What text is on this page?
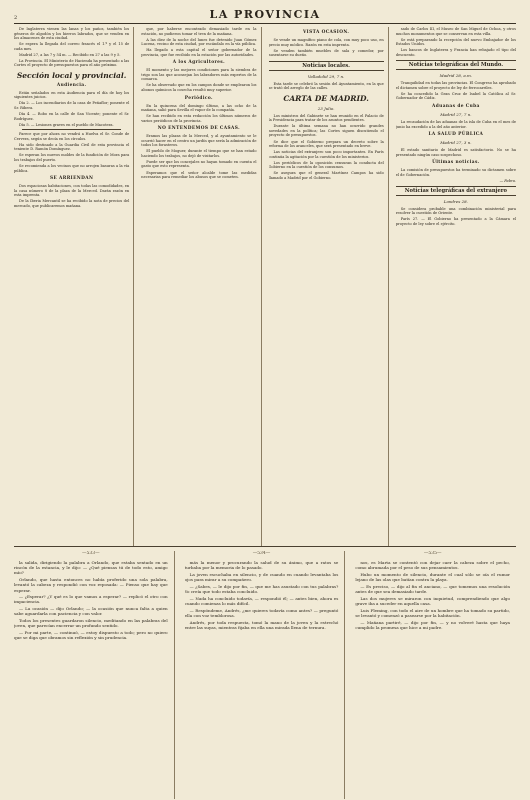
2	LA PROVINCIA

De Inglaterra vienen las lanas y los paños, también los géneros de algodón y los hierros labrados, que se venden en los almacenes de esta ciudad.

Se espera la llegada del correo francés el 1.º y el 15 de cada mes.

Madrid 27, a las 7 y 54 m. — Recibido en 27 a las 9 y 5.

La Provincia. El Ministerio de Hacienda ha presentado a las Cortes el proyecto de presupuestos para el año próximo.

Sección local y provincial.
Audiencia.

Están señalados en esta Audiencia para el día de hoy los siguientes juicios.

Día 2. — Los incendiarios de la casa de Peñaflor; ponente el Sr. Ribera.

Día 4. — Robo en la calle de San Vicente; ponente el Sr. Rodríguez.

Día 5. — Lesiones graves en el pueblo de Macotera.

Parece que por ahora no vendrá a Huelva el Sr. Conde de Cervera, según se decía en los círculos.

Ha sido destinado a la Guardia Civil de esta provincia el teniente D. Ramón Domínguez.

Se esperan los nuevos moldes de la fundición de Mora para los trabajos del puerto.

Se recomienda a los vecinos que no arrojen basuras a la vía pública.

SE ARRIENDAN

Dos espaciosas habitaciones, con todas las comodidades, en la casa número 8 de la plaza de la Merced. Darán razón en esta imprenta.

De la Iberia Mercantil se ha recibido la nota de precios del mercado, que publicaremos mañana.

que, por haberse encontrado demasiado tarde en la estación, no pudieron tomar el tren de la mañana.

A las diez de la noche del lunes fue detenido Juan Gómez Lucena, vecino de esta ciudad, por escándalo en la vía pública.

Ha llegado a esta capital el señor gobernador de la provincia, que fue recibido en la estación por las autoridades.

A los Agricultores.

El momento y las mejores condiciones para la siembra de trigo son las que aconsejan los labradores más expertos de la comarca.

Se ha observado que en los campos donde se emplearon los abonos químicos la cosecha resultó muy superior.

Periódico.

En la quincena del domingo último, a las ocho de la mañana, salió para Sevilla el vapor de la compañía.

Se han recibido en esta redacción los últimos números de varios periódicos de la provincia.

NO ENTENDEMOS DE CASAS.

Eramos las plazas de la Merced, y al ayuntamiento se le ocurrió hacer en el centro un jardín que sería la admiración de todos los forasteros.

El pueblo de Moguer, durante el tiempo que se han estado haciendo los trabajos, no dejó de visitarlos.

Puede ser que los concejales no hayan tomado en cuenta el gasto que esto representa.

Esperamos que el señor alcalde tome las medidas necesarias para remediar los abusos que se cometen.

VISTA OCASION.

Se vende un magnífico piano de cola, con muy poco uso, en precio muy módico. Razón en esta imprenta.

Se venden también muebles de sala y comedor, por ausentarse su dueño.

Noticias locales.
Valladolid 29, 7 n.

Esta tarde se celebró la sesión del Ayuntamiento, en la que se trató del arreglo de las calles.

CARTA DE MADRID.
23 Julio.

Los ministros del Gabinete se han reunido en el Palacio de la Presidencia para tratar de los asuntos pendientes.

Durante la última semana no han ocurrido grandes novedades en la política; las Cortes siguen discutiendo el proyecto de presupuestos.

Se dice que el Gobierno prepara un decreto sobre la reforma de los aranceles, que será presentado en breve.

Las noticias del extranjero son poco importantes. En París continúa la agitación por la cuestión de los ministerios.

Los periódicos de la oposición censuran la conducta del Gobierno en la cuestión de los consumos.

Se asegura que el general Martínez Campos ha sido llamado a Madrid por el Gobierno.

sado de Carlos III, el Museo de San Miguel de Ochoa, y otros muchos monumentos que se conservan en esta villa.

Se está preparando la recepción del nuevo Embajador de los Estados Unidos.

Los bancos de Inglaterra y Francia han rebajado el tipo del descuento.

Noticias telegráficas del Mundo.
Madrid 28, a.m.

Tranquilidad en todas las provincias. El Congreso ha aprobado el dictamen sobre el proyecto de ley de ferrocarriles.

Se ha concedido la Gran Cruz de Isabel la Católica al Sr. Gobernador de Cádiz.

Aduanas de Cuba
Madrid 27, 7 n.

La recaudación de las aduanas de la isla de Cuba en el mes de junio ha excedido a la del año anterior.

LA SALUD PÚBLICA
Madrid 27, 3 n.

El estado sanitario de Madrid es satisfactorio. No se ha presentado ningún caso sospechoso.

Últimas noticias.

La comisión de presupuestos ha terminado su dictamen sobre el de Gobernación.

— Fabra.
Noticias telegráficas del extranjero
Londres 28.

Se considera probable una combinación ministerial para resolver la cuestión de Oriente.

París 27. — El Gobierno ha presentado a la Cámara el proyecto de ley sobre el ejército.

—533—

la salida, dirigiendo la palabra a Orlando, que estaba sentado en un rincón de la estancia, y le dijo: — ¿Qué piensas tú de todo esto, amigo mío?

Orlando, que hasta entonces no había proferido una sola palabra, levantó la cabeza y respondió con voz reposada: — Pienso que hay que esperar.

— ¿Esperar? ¿Y qué es lo que vamos a esperar? — replicó el otro con impaciencia.

— La ocasión — dijo Orlando; — la ocasión que nunca falta a quien sabe aguardarla con paciencia y con valor.

Todos los presentes guardaron silencio, meditando en las palabras del joven, que parecían encerrar un profundo sentido.

— Por mi parte, — continuó, — estoy dispuesto a todo; pero no quiero que se diga que obramos sin reflexión y sin prudencia.

—534—

más la menor y procurando la salud de su ánimo, que a ratos se turbaba por la memoria de lo pasado.

La joven escuchaba en silencio, y de cuando en cuando levantaba los ojos para mirar a su compañero.

— ¿Sabes, — le dijo por fin, — que me has asustado con tus palabras? Yo creía que todo estaba concluido.

— Nada ha concluido todavía, — respondió él; — antes bien, ahora es cuando comienza lo más difícil.

— Respóndeme, Andrés, ¿me quieres todavía como antes? — preguntó ella con voz temblorosa.

Andrés, por toda respuesta, tomó la mano de la joven y la estrechó entre las suyas, mientras fijaba en ella una mirada llena de ternura.

—535—

nos, es Marta se contentó con dejar caer la cabeza sobre el pecho, como abrumada por el peso de sus pensamientos.

Hubo un momento de silencio, durante el cual sólo se oía el rumor lejano de las olas que batían contra la playa.

— Es preciso, — dijo al fin el anciano, — que tomemos una resolución antes de que sea demasiado tarde.

Las dos mujeres se miraron con inquietud, comprendiendo que algo grave iba a suceder en aquella casa.

Luis Fleming, con todo el aire de un hombre que ha tomado su partido, se levantó y comenzó a pasearse por la habitación.

— Mañana partiré, — dijo por fin, — y no volveré hasta que haya cumplido la promesa que hice a mi padre.
